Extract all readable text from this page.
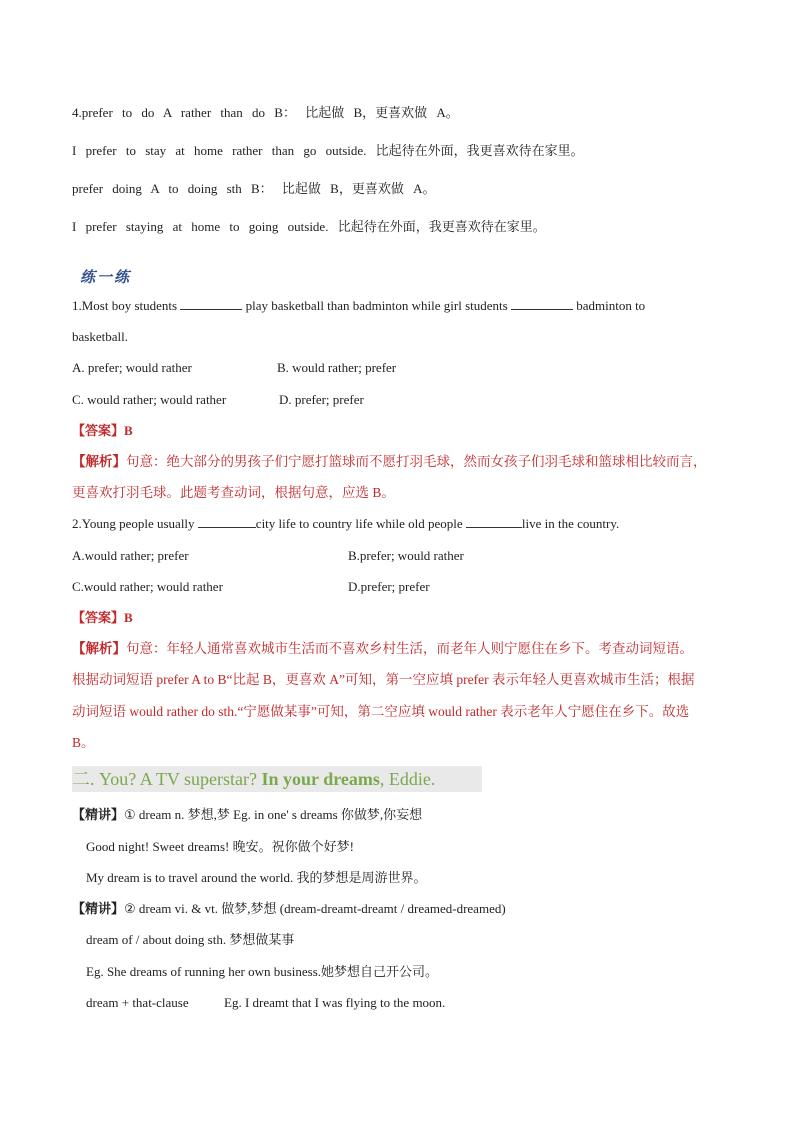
4.prefer to do A rather than do B： 比起做 B，更喜欢做 A。
I prefer to stay at home rather than go outside. 比起待在外面，我更喜欢待在家里。
prefer doing A to doing sth B： 比起做 B，更喜欢做 A。
I prefer staying at home to going outside. 比起待在外面，我更喜欢待在家里。
练一练
1.Most boy students	play basketball than badminton while girl students	badminton to
basketball.
A. prefer; would rather	B. would rather; prefer
C. would rather; would rather	D. prefer; prefer
【答案】B
【解析】句意：绝大部分的男孩子们宁愿打篮球而不愿打羽毛球，然而女孩子们羽毛球和篮球相比较而言，
更喜欢打羽毛球。此题考查动词，根据句意，应选 B。
2.Young people usually	city life to country life while old people	live in the country.
A.would rather; prefer	B.prefer; would rather
C.would rather; would rather	D.prefer; prefer
【答案】B
【解析】句意：年轻人通常喜欢城市生活而不喜欢乡村生活，而老年人则宁愿住在乡下。考查动词短语。
根据动词短语 prefer A to B“比起 B，更喜欢 A”可知，第一空应填 prefer 表示年轻人更喜欢城市生活；根据
动词短语 would rather do sth.“宁愿做某事”可知，第二空应填 would rather 表示老年人宁愿住在乡下。故选
B。
二. You? A TV superstar? In your dreams, Eddie.
【精讲】① dream n. 梦想,梦 Eg. in one' s dreams 你做梦,你妄想
Good night! Sweet dreams! 晚安。祝你做个好梦!
My dream is to travel around the world. 我的梦想是周游世界。
【精讲】② dream vi. & vt. 做梦,梦想 (dream-dreamt-dreamt / dreamed-dreamed)
dream of / about doing sth. 梦想做某事
Eg. She dreams of running her own business.她梦想自己开公司。
dream + that-clause	Eg. I dreamt that I was flying to the moon.
